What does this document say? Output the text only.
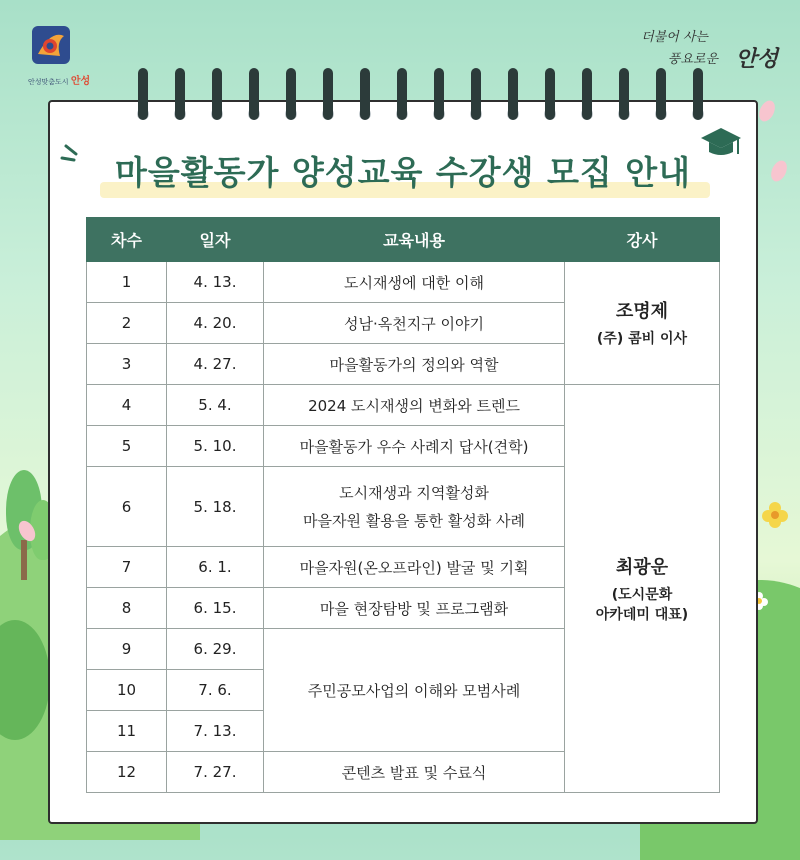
안성맞춤도시 안성
더불어 사는
풍요로운 안성
마을활동가 양성교육 수강생 모집 안내
차수	일자	교육내용	강사
1	4. 13.	도시재생에 대한 이해	조명제
(주) 콤비 이사

2	4. 20.	성남·옥천지구 이야기	
3	4. 27.	마을활동가의 정의와 역할	
4	5. 4.	2024 도시재생의 변화와 트렌드	최광운
(도시문화
아카데미 대표)

5	5. 10.	마을활동가 우수 사례지 답사(견학)	
6	5. 18.	도시재생과 지역활성화
마을자원 활용을 통한 활성화 사례	

7	6. 1.	마을자원(온오프라인) 발굴 및 기획	
8	6. 15.	마을 현장탐방 및 프로그램화	
9	6. 29.	주민공모사업의 이해와 모범사례	
10	7. 6.		
11	7. 13.		
12	7. 27.	콘텐츠 발표 및 수료식	
